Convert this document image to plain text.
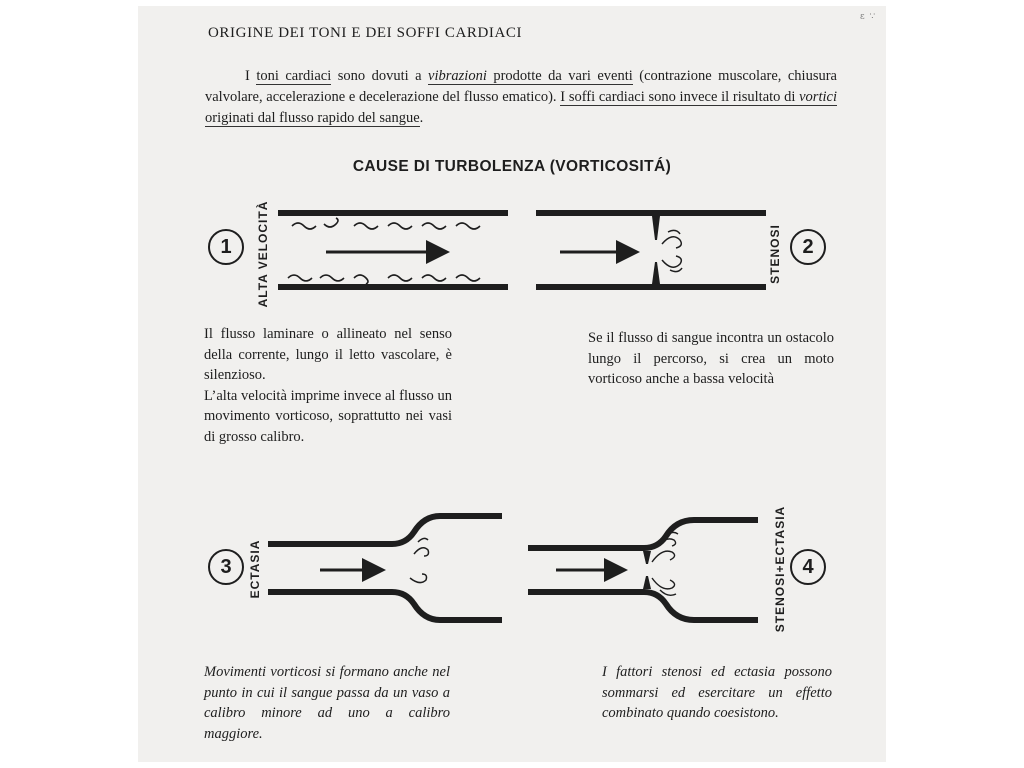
ε ∵
ORIGINE DEI TONI E DEI SOFFI CARDIACI
I toni cardiaci sono dovuti a vibrazioni prodotte da vari eventi (contrazione muscolare, chiusura valvolare, accelerazione e decelerazione del flusso ematico). I soffi cardiaci sono invece il risultato di vortici originati dal flusso rapido del sangue.
CAUSE DI TURBOLENZA (VORTICOSITÁ)
ALTA VELOCITÀ
1	STENOSI	2

Il flusso laminare o allineato nel senso della corrente, lungo il letto vascolare, è silenzioso.

L’alta velocità imprime invece al flusso un movimento vorticoso, soprattutto nei vasi di grosso calibro.

Se il flusso di sangue incontra un ostacolo lungo il percorso, si crea un moto vorticoso anche a bassa velocità

ECTASIA
3	STENOSI+ECTASIA 4

Movimenti vorticosi si formano anche nel punto in cui il sangue passa da un vaso a calibro minore ad uno a calibro maggiore.

I fattori stenosi ed ectasia possono sommarsi ed esercitare un effetto combinato quando coesistono.
